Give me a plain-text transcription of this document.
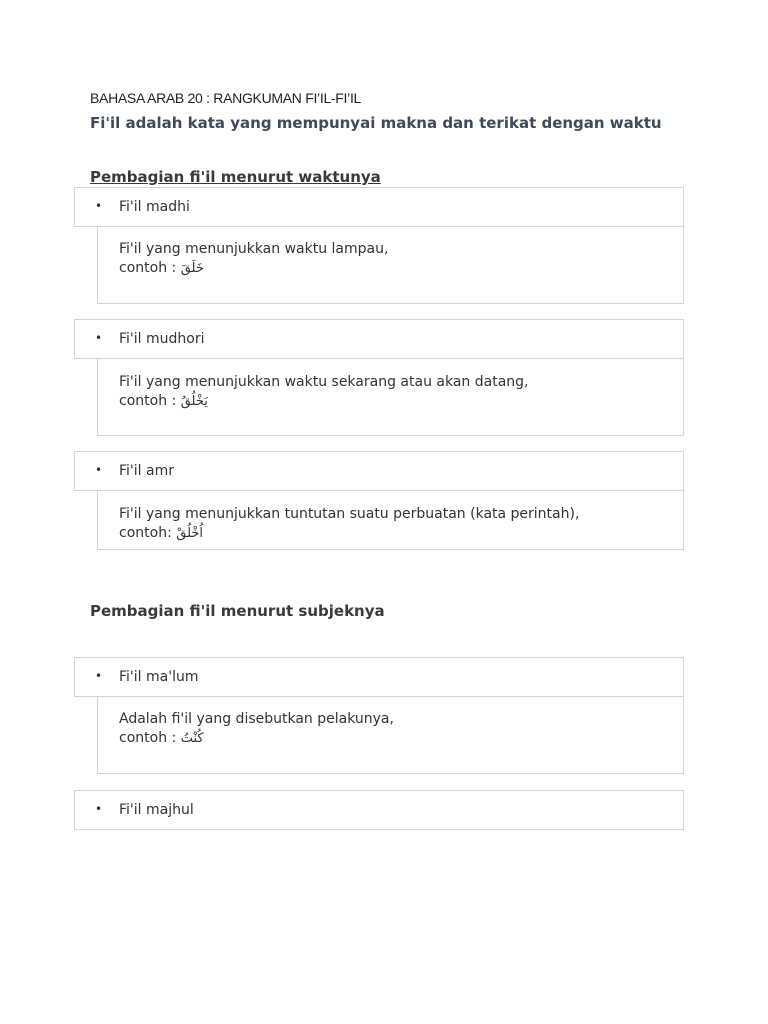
BAHASA ARAB 20 : RANGKUMAN FI’IL-FI’IL
Fi'il adalah kata yang mempunyai makna dan terikat dengan waktu
Pembagian fi'il menurut waktunya
• Fi'il madhi
Fi'il yang menunjukkan waktu lampau,
contoh : خَلَقَ
• Fi'il mudhori
Fi'il yang menunjukkan waktu sekarang atau akan datang,
contoh : يَخْلُقُ
• Fi'il amr
Fi'il yang menunjukkan tuntutan suatu perbuatan (kata perintah),
contoh: اُخْلُقْ
Pembagian fi'il menurut subjeknya
• Fi'il ma'lum
Adalah fi'il yang disebutkan pelakunya,
contoh : كُنْتُ
• Fi'il majhul
